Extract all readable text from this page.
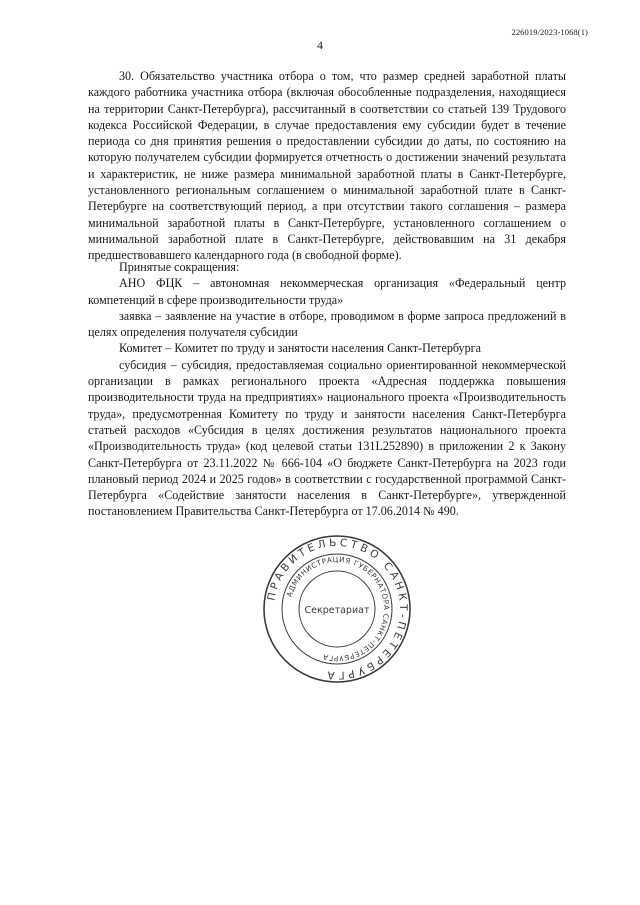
226019/2023-1068(1)
4

30. Обязательство участника отбора о том, что размер средней заработной платы каждого работника участника отбора (включая обособленные подразделения, находящиеся на территории Санкт-Петербурга), рассчитанный в соответствии со статьей 139 Трудового кодекса Российской Федерации, в случае предоставления ему субсидии будет в течение периода со дня принятия решения о предоставлении субсидии до даты, по состоянию на которую получателем субсидии формируется отчетность о достижении значений результата и характеристик, не ниже размера минимальной заработной платы в Санкт-Петербурге, установленного региональным соглашением о минимальной заработной плате в Санкт-Петербурге на соответствующий период, а при отсутствии такого соглашения – размера минимальной заработной платы в Санкт-Петербурге, установленного соглашением о минимальной заработной плате в Санкт-Петербурге, действовавшим на 31 декабря предшествовавшего календарного года (в свободной форме).

Принятые сокращения:

АНО ФЦК – автономная некоммерческая организация «Федеральный центр компетенций в сфере производительности труда»

заявка – заявление на участие в отборе, проводимом в форме запроса предложений в целях определения получателя субсидии

Комитет – Комитет по труду и занятости населения Санкт-Петербурга

субсидия – субсидия, предоставляемая социально ориентированной некоммерческой организации в рамках регионального проекта «Адресная поддержка повышения производительности труда на предприятиях» национального проекта «Производительность труда», предусмотренная Комитету по труду и занятости населения Санкт-Петербурга статьей расходов «Субсидия в целях достижения результатов национального проекта «Производительность труда» (код целевой статьи 131L252890) в приложении 2 к Закону Санкт-Петербурга от 23.11.2022 № 666-104 «О бюджете Санкт-Петербурга на 2023 годи плановый период 2024 и 2025 годов» в соответствии с государственной программой Санкт-Петербурга «Содействие занятости населения в Санкт-Петербурге», утвержденной постановлением Правительства Санкт-Петербурга от 17.06.2014 № 490.

ПРАВИТЕЛЬСТВО САНКТ-ПЕТЕРБУРГА
АДМИНИСТРАЦИЯ ГУБЕРНАТОРА САНКТ-ПЕТЕРБУРГА
Секретариат
